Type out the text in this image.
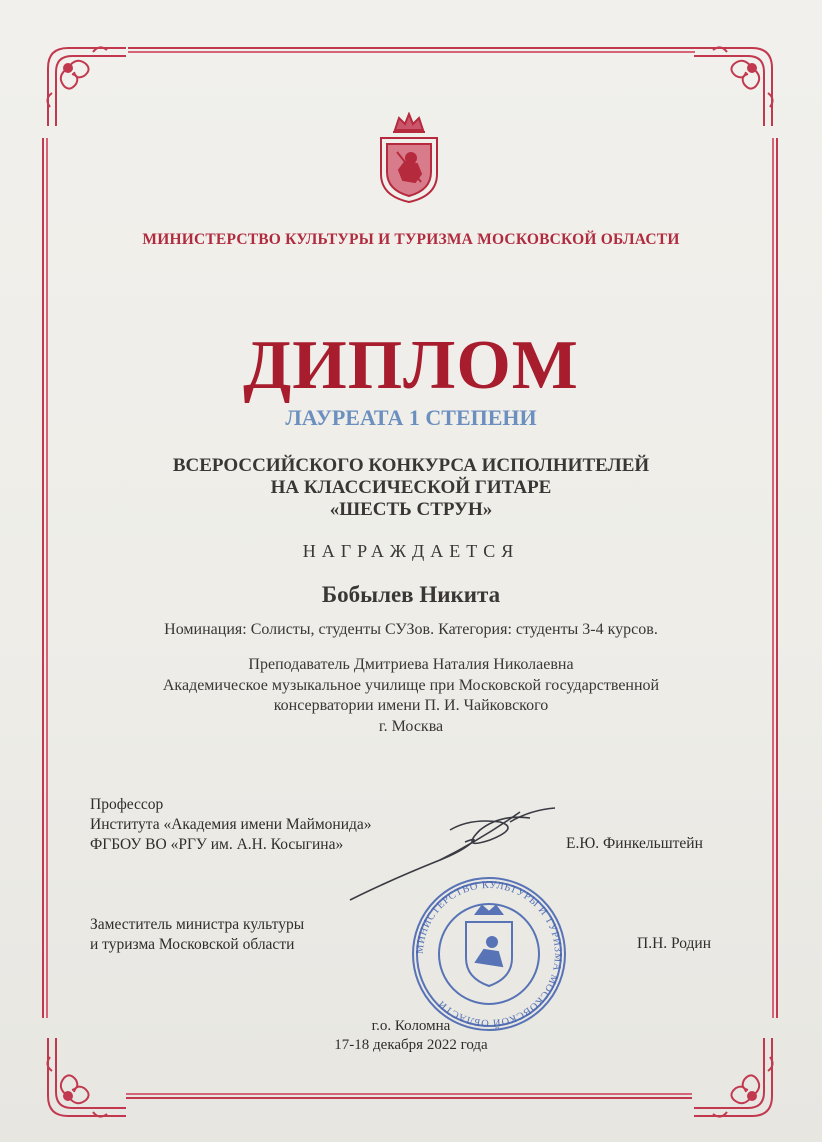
МИНИСТЕРСТВО КУЛЬТУРЫ И ТУРИЗМА МОСКОВСКОЙ ОБЛАСТИ
ДИПЛОМ
ЛАУРЕАТА 1 СТЕПЕНИ
ВСЕРОССИЙСКОГО КОНКУРСА ИСПОЛНИТЕЛЕЙ
НА КЛАССИЧЕСКОЙ ГИТАРЕ
«ШЕСТЬ СТРУН»
НАГРАЖДАЕТСЯ
Бобылев Никита
Номинация: Солисты, студенты СУЗов. Категория: студенты 3-4 курсов.
Преподаватель Дмитриева Наталия Николаевна
Академическое музыкальное училище при Московской государственной
консерватории имени П. И. Чайковского
г. Москва
Профессор
Института «Академия имени Маймонида»
ФГБОУ ВО «РГУ им. А.Н. Косыгина»	Е.Ю. Финкельштейн
Заместитель министра культуры
и туризма Московской области	П.Н. Родин
МИНИСТЕРСТВО КУЛЬТУРЫ И ТУРИЗМА МОСКОВСКОЙ ОБЛАСТИ
г.о. Коломна
17-18 декабря 2022 года
